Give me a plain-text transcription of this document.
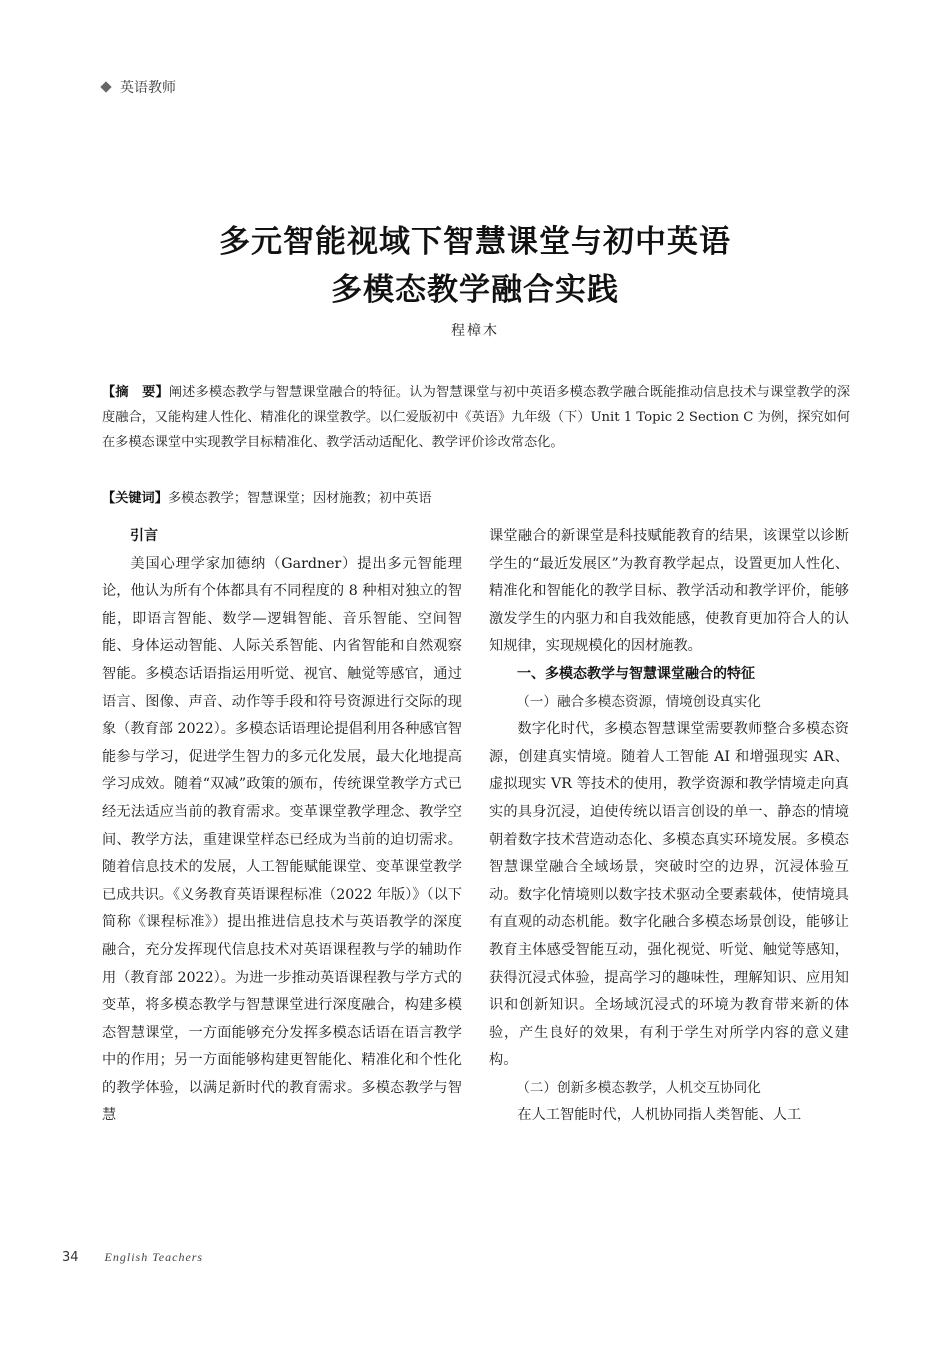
英语教师
多元智能视域下智慧课堂与初中英语
多模态教学融合实践
程樟木
【摘　要】阐述多模态教学与智慧课堂融合的特征。认为智慧课堂与初中英语多模态教学融合既能推动信息技术与课堂教学的深度融合，又能构建人性化、精准化的课堂教学。以仁爱版初中《英语》九年级（下）Unit 1 Topic 2 Section C 为例，探究如何在多模态课堂中实现教学目标精准化、教学活动适配化、教学评价诊改常态化。
【关键词】多模态教学；智慧课堂；因材施教；初中英语

引言

美国心理学家加德纳（Gardner）提出多元智能理论，他认为所有个体都具有不同程度的 8 种相对独立的智能，即语言智能、数学—逻辑智能、音乐智能、空间智能、身体运动智能、人际关系智能、内省智能和自然观察智能。多模态话语指运用听觉、视官、触觉等感官，通过语言、图像、声音、动作等手段和符号资源进行交际的现象（教育部 2022）。多模态话语理论提倡利用各种感官智能参与学习，促进学生智力的多元化发展，最大化地提高学习成效。随着“双减”政策的颁布，传统课堂教学方式已经无法适应当前的教育需求。变革课堂教学理念、教学空间、教学方法，重建课堂样态已经成为当前的迫切需求。随着信息技术的发展，人工智能赋能课堂、变革课堂教学已成共识。《义务教育英语课程标准（2022 年版）》（以下简称《课程标准》）提出推进信息技术与英语教学的深度融合，充分发挥现代信息技术对英语课程教与学的辅助作用（教育部 2022）。为进一步推动英语课程教与学方式的变革，将多模态教学与智慧课堂进行深度融合，构建多模态智慧课堂，一方面能够充分发挥多模态话语在语言教学中的作用；另一方面能够构建更智能化、精准化和个性化的教学体验，以满足新时代的教育需求。多模态教学与智慧

课堂融合的新课堂是科技赋能教育的结果，该课堂以诊断学生的“最近发展区”为教育教学起点，设置更加人性化、精准化和智能化的教学目标、教学活动和教学评价，能够激发学生的内驱力和自我效能感，使教育更加符合人的认知规律，实现规模化的因材施教。

一、多模态教学与智慧课堂融合的特征

（一）融合多模态资源，情境创设真实化

数字化时代，多模态智慧课堂需要教师整合多模态资源，创建真实情境。随着人工智能 AI 和增强现实 AR、虚拟现实 VR 等技术的使用，教学资源和教学情境走向真实的具身沉浸，迫使传统以语言创设的单一、静态的情境朝着数字技术营造动态化、多模态真实环境发展。多模态智慧课堂融合全域场景，突破时空的边界，沉浸体验互动。数字化情境则以数字技术驱动全要素载体，使情境具有直观的动态机能。数字化融合多模态场景创设，能够让教育主体感受智能互动，强化视觉、听觉、触觉等感知，获得沉浸式体验，提高学习的趣味性，理解知识、应用知识和创新知识。全场域沉浸式的环境为教育带来新的体验，产生良好的效果，有利于学生对所学内容的意义建构。

（二）创新多模态教学，人机交互协同化

在人工智能时代，人机协同指人类智能、人工

34 English Teachers
